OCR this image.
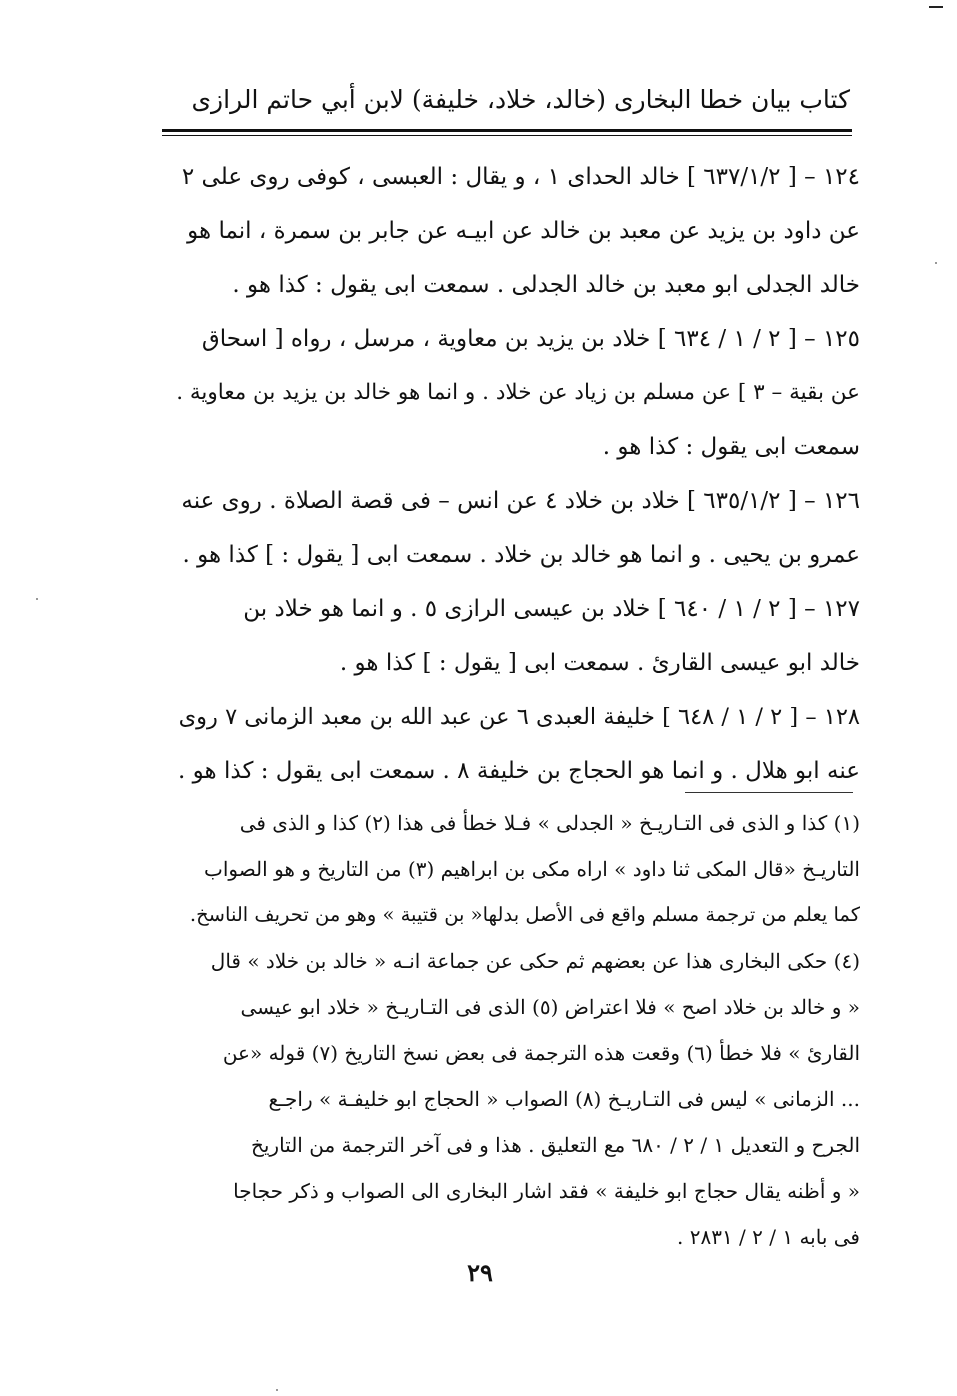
كتاب بيان خطا البخارى (خالد، خلاد، خليفة) لابن أبي حاتم الرازى
١٢٤ – [ ٦٣٧/١/٢ ] خالد الحداى ١ ، و يقال : العبسى ، كوفى روى على ٢
عن داود بن يزيد عن معبد بن خالد عن ابيـه عن جابر بن سمرة ، انما هو
خالد الجدلى ابو معبد بن خالد الجدلى . سمعت ابى يقول : كذا هو .
١٢٥ – [ ٢ / ١ / ٦٣٤ ] خلاد بن يزيد بن معاوية ، مرسل ، رواه [ اسحاق
عن بقية – ٣ ] عن مسلم بن زياد عن خلاد . و انما هو خالد بن يزيد بن معاوية .
سمعت ابى يقول : كذا هو .
١٢٦ – [ ٦٣٥/١/٢ ] خلاد بن خلاد ٤ عن انس – فى قصة الصلاة . روى عنه
عمرو بن يحيى . و انما هو خالد بن خلاد . سمعت ابى [ يقول : ] كذا هو .
١٢٧ – [ ٢ / ١ / ٦٤٠ ] خلاد بن عيسى الرازى ٥ . و انما هو خلاد بن
خالد ابو عيسى القارئ . سمعت ابى [ يقول : ] كذا هو .
١٢٨ – [ ٢ / ١ / ٦٤٨ ] خليفة العبدى ٦ عن عبد الله بن معبد الزمانى ٧ روى
عنه ابو هلال . و انما هو الحجاج بن خليفة ٨ . سمعت ابى يقول : كذا هو .
(١) كذا و الذى فى التـاريـخ « الجدلى » فـلا خطأ فى هذا (٢) كذا و الذى فى
التاريـخ «قال المكى ثنا داود » اراه مكى بن ابراهيم (٣) من التاريخ و هو الصواب
كما يعلم من ترجمة مسلم واقع فى الأصل بدلها« بن قتيبة » وهو من تحريف الناسخ.
(٤) حكى البخارى هذا عن بعضهم ثم حكى عن جماعة انـه « خالد بن خلاد » قال
« و خالد بن خلاد اصح » فلا اعتراض (٥) الذى فى التـاريـخ « خلاد ابو عيسى
القارئ » فلا خطأ (٦) وقعت هذه الترجمة فى بعض نسخ التاريخ (٧) قوله «عن
... الزمانى » ليس فى التـاريـخ (٨) الصواب « الحجاج ابو خليفـة » راجـع
الجرح و التعديل ١ / ٢ / ٦٨٠ مع التعليق . هذا و فى آخر الترجمة من التاريخ
« و أظنه يقال حجاج ابو خليفة » فقد اشار البخارى الى الصواب و ذكر حجاجا
فى بابه ١ / ٢ / ٢٨٣١ .
٢٩
